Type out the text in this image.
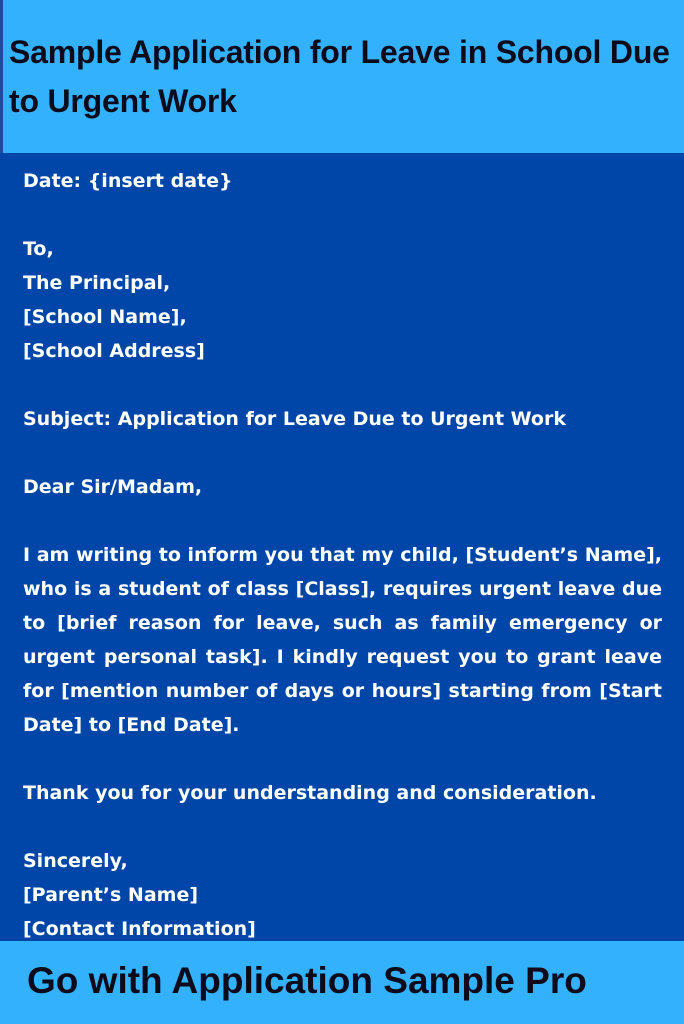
Sample Application for Leave in School Due to Urgent Work

Date: {insert date}

To,

The Principal,

[School Name],

[School Address]

Subject: Application for Leave Due to Urgent Work

Dear Sir/Madam,

I am writing to inform you that my child, [Student’s Name], who is a student of class [Class], requires urgent leave due to [brief reason for leave, such as family emergency or urgent personal task]. I kindly request you to grant leave for [mention number of days or hours] starting from [Start Date] to [End Date].

Thank you for your understanding and consideration.

Sincerely,

[Parent’s Name]

[Contact Information]

Go with Application Sample Pro
